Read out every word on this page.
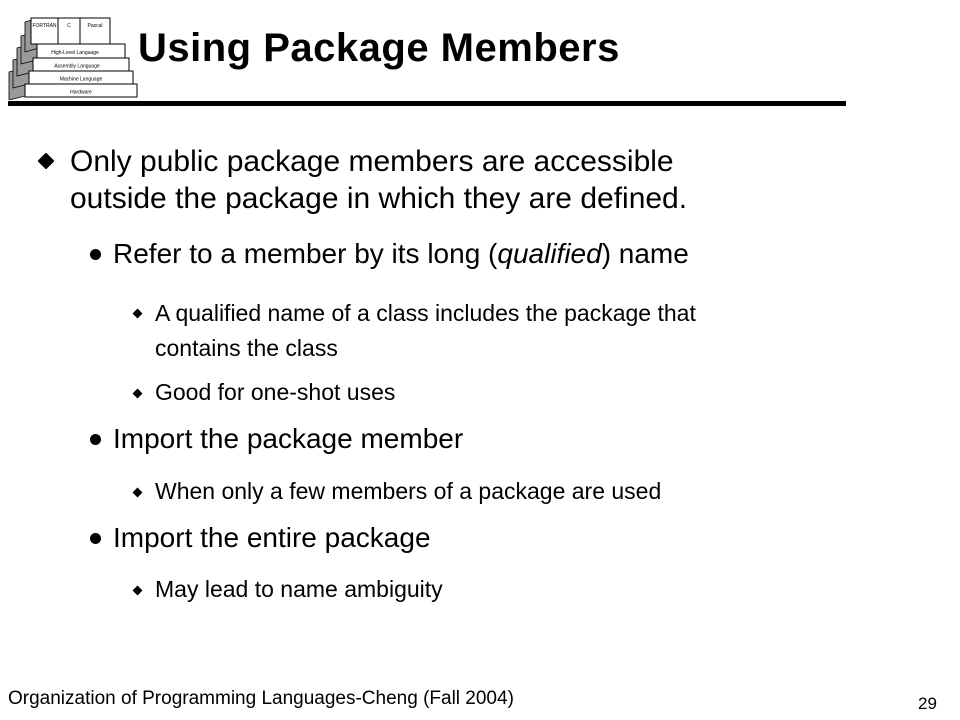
Hardware
Machine Language
Assembly Language
High-Level Language
FORTRAN C	Pascal Using Package Members
Only public package members are accessible
outside the package in which they are defined.
Refer to a member by its long (qualified) name
A qualified name of a class includes the package that
contains the class
Good for one-shot uses
Import the package member
When only a few members of a package are used
Import the entire package
May lead to name ambiguity
Organization of Programming Languages-Cheng (Fall 2004)	29
